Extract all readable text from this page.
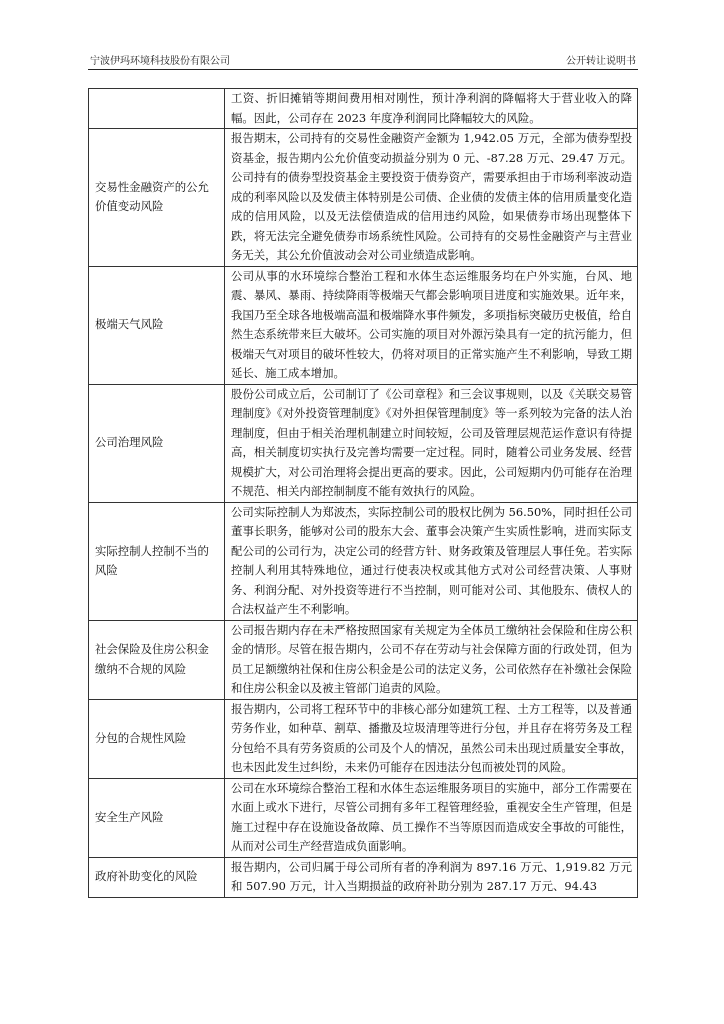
宁波伊玛环境科技股份有限公司	公开转让说明书
	工资、折旧摊销等期间费用相对刚性，预计净利润的降幅将大于营业收入的降幅。因此，公司存在 2023 年度净利润同比降幅较大的风险。
交易性金融资产的公允价值变动风险	报告期末，公司持有的交易性金融资产金额为 1,942.05 万元，全部为债券型投资基金，报告期内公允价值变动损益分别为 0 元、-87.28 万元、29.47 万元。公司持有的债券型投资基金主要投资于债券资产，需要承担由于市场利率波动造成的利率风险以及发债主体特别是公司债、企业债的发债主体的信用质量变化造成的信用风险，以及无法偿债造成的信用违约风险，如果债券市场出现整体下跌，将无法完全避免债券市场系统性风险。公司持有的交易性金融资产与主营业务无关，其公允价值波动会对公司业绩造成影响。
极端天气风险	公司从事的水环境综合整治工程和水体生态运维服务均在户外实施，台风、地震、暴风、暴雨、持续降雨等极端天气都会影响项目进度和实施效果。近年来，我国乃至全球各地极端高温和极端降水事件频发，多项指标突破历史极值，给自然生态系统带来巨大破坏。公司实施的项目对外源污染具有一定的抗污能力，但极端天气对项目的破坏性较大，仍将对项目的正常实施产生不利影响，导致工期延长、施工成本增加。
公司治理风险	股份公司成立后，公司制订了《公司章程》和三会议事规则，以及《关联交易管理制度》《对外投资管理制度》《对外担保管理制度》等一系列较为完备的法人治理制度，但由于相关治理机制建立时间较短，公司及管理层规范运作意识有待提高，相关制度切实执行及完善均需要一定过程。同时，随着公司业务发展、经营规模扩大，对公司治理将会提出更高的要求。因此，公司短期内仍可能存在治理不规范、相关内部控制制度不能有效执行的风险。
实际控制人控制不当的风险	公司实际控制人为郑波杰，实际控制公司的股权比例为 56.50%，同时担任公司董事长职务，能够对公司的股东大会、董事会决策产生实质性影响，进而实际支配公司的公司行为，决定公司的经营方针、财务政策及管理层人事任免。若实际控制人利用其特殊地位，通过行使表决权或其他方式对公司经营决策、人事财务、利润分配、对外投资等进行不当控制，则可能对公司、其他股东、债权人的合法权益产生不利影响。
社会保险及住房公积金缴纳不合规的风险	公司报告期内存在未严格按照国家有关规定为全体员工缴纳社会保险和住房公积金的情形。尽管在报告期内，公司不存在劳动与社会保障方面的行政处罚，但为员工足额缴纳社保和住房公积金是公司的法定义务，公司依然存在补缴社会保险和住房公积金以及被主管部门追责的风险。
分包的合规性风险	报告期内，公司将工程环节中的非核心部分如建筑工程、土方工程等，以及普通劳务作业，如种草、割草、播撒及垃圾清理等进行分包，并且存在将劳务及工程分包给不具有劳务资质的公司及个人的情况，虽然公司未出现过质量安全事故，也未因此发生过纠纷，未来仍可能存在因违法分包而被处罚的风险。
安全生产风险	公司在水环境综合整治工程和水体生态运维服务项目的实施中，部分工作需要在水面上或水下进行，尽管公司拥有多年工程管理经验，重视安全生产管理，但是施工过程中存在设施设备故障、员工操作不当等原因而造成安全事故的可能性，从而对公司生产经营造成负面影响。
政府补助变化的风险	报告期内，公司归属于母公司所有者的净利润为 897.16 万元、1,919.82 万元和 507.90 万元，计入当期损益的政府补助分别为 287.17 万元、94.43
